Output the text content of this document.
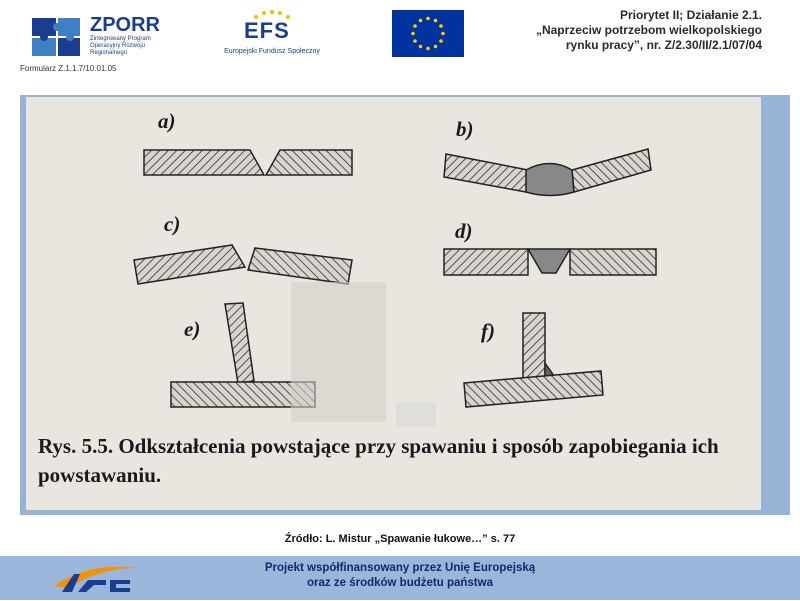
ZPORR
Zintegrowany Program Operacyjny Rozwoju Regionalnego
EFS
Europejski Fundusz Społeczny
Priorytet II; Działanie 2.1.
„Naprzeciw potrzebom wielkopolskiego
rynku pracy”, nr. Z/2.30/II/2.1/07/04
Formularz Z.1.1.7/10.01.05
a)	b)
c)	d)
e)	f)
Rys. 5.5. Odkształcenia powstające przy spawaniu i sposób zapobiegania ich powstawaniu.
Źródło: L. Mistur „Spawanie łukowe…” s. 77
Projekt współfinansowany przez Unię Europejską
oraz ze środków budżetu państwa
